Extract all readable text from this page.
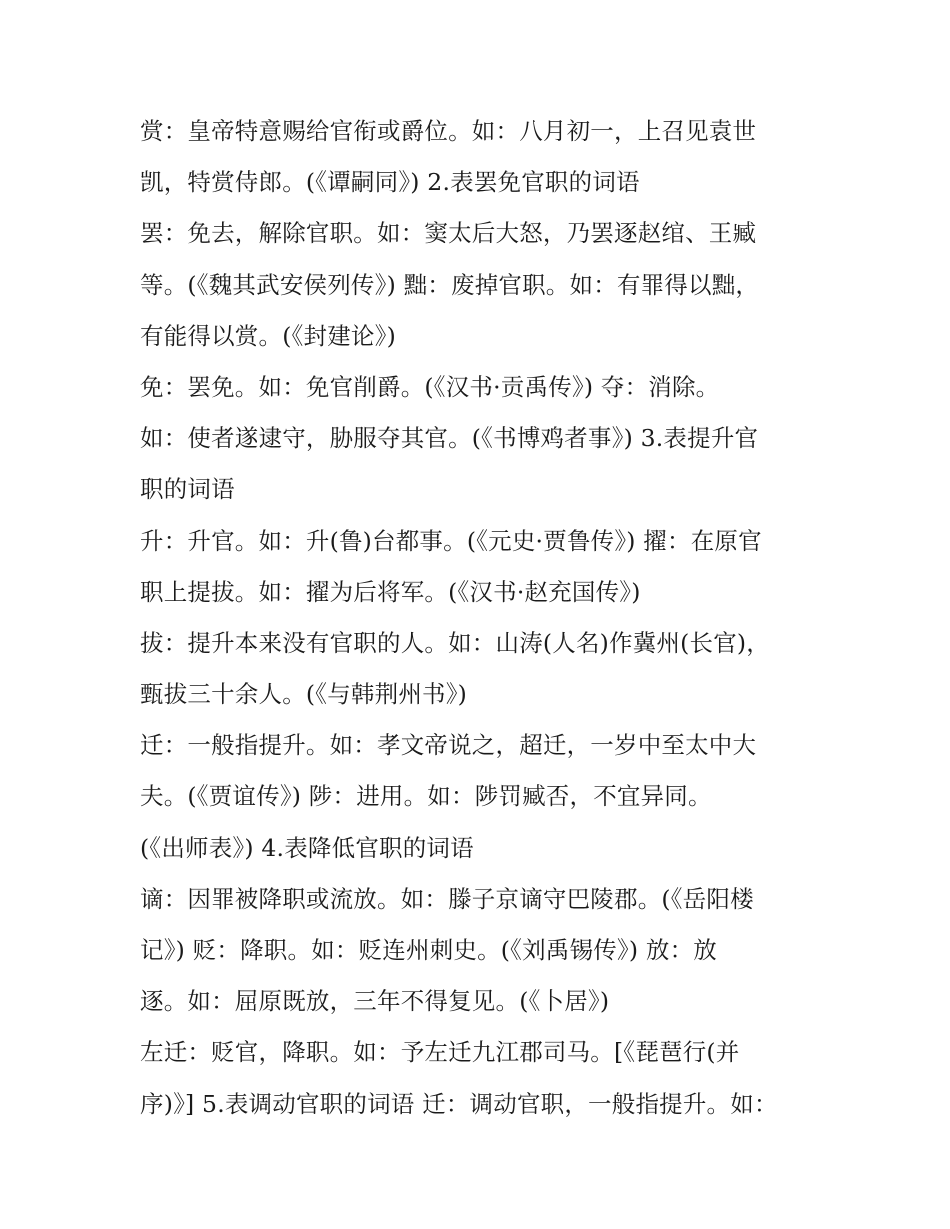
赏：皇帝特意赐给官衔或爵位。如：八月初一，上召见袁世
凯，特赏侍郎。(《谭嗣同》) 2.表罢免官职的词语
罢：免去，解除官职。如：窦太后大怒，乃罢逐赵绾、王臧
等。(《魏其武安侯列传》) 黜：废掉官职。如：有罪得以黜，
有能得以赏。(《封建论》)
免：罢免。如：免官削爵。(《汉书·贡禹传》) 夺：消除。
如：使者遂逮守，胁服夺其官。(《书博鸡者事》) 3.表提升官
职的词语
升：升官。如：升(鲁)台都事。(《元史·贾鲁传》) 擢：在原官
职上提拔。如：擢为后将军。(《汉书·赵充国传》)
拔：提升本来没有官职的人。如：山涛(人名)作冀州(长官)，
甄拔三十余人。(《与韩荆州书》)
迁：一般指提升。如：孝文帝说之，超迁，一岁中至太中大
夫。(《贾谊传》) 陟：进用。如：陟罚臧否，不宜异同。
(《出师表》) 4.表降低官职的词语
谪：因罪被降职或流放。如：滕子京谪守巴陵郡。(《岳阳楼
记》) 贬：降职。如：贬连州刺史。(《刘禹锡传》) 放：放
逐。如：屈原既放，三年不得复见。(《卜居》)
左迁：贬官，降职。如：予左迁九江郡司马。[《琵琶行(并
序)》] 5.表调动官职的词语 迁：调动官职，一般指提升。如：
